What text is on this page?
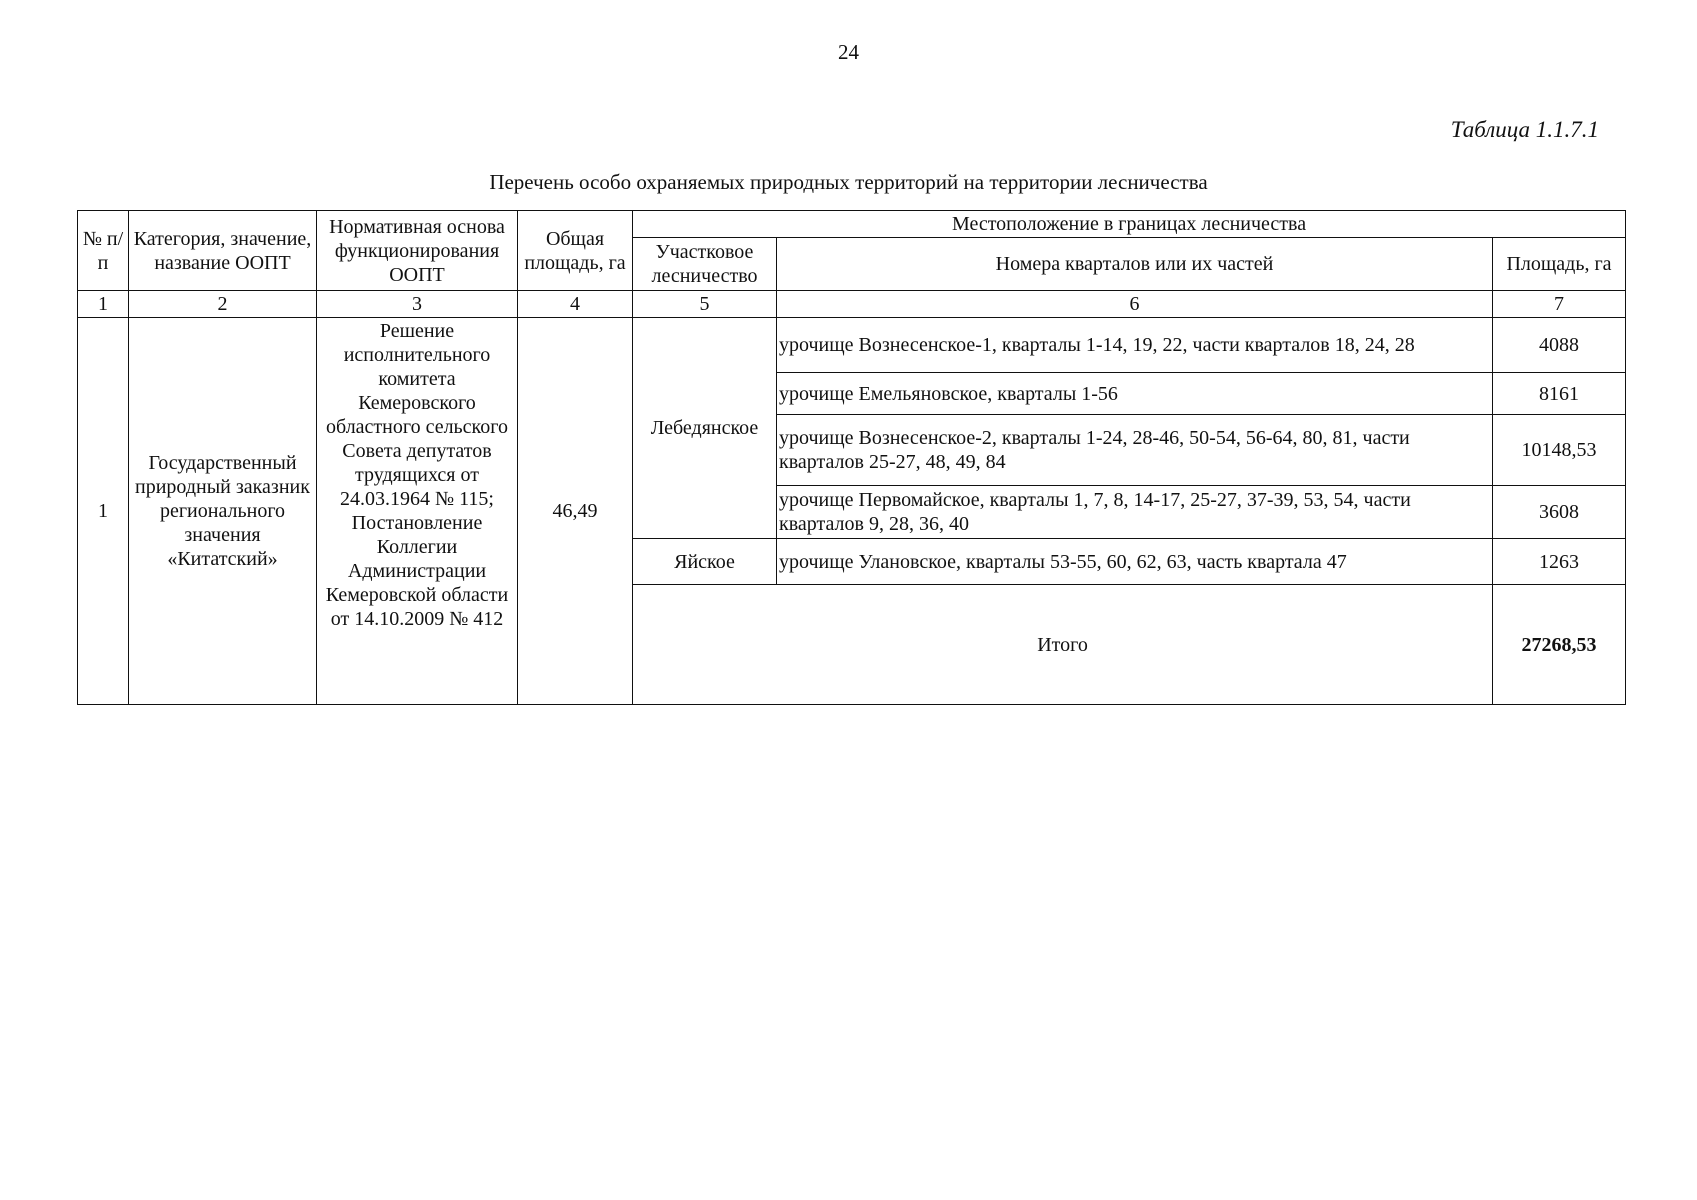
24
Таблица 1.1.7.1
Перечень особо охраняемых природных территорий на территории лесничества
№ п/п	Категория, значение, название ООПТ	Нормативная основа функционирования ООПТ	Общая площадь, га	Местоположение в границах лесничества		
				Участковое лесничество	Номера кварталов или их частей	Площадь, га
1	2	3	4	5	6	7
1	Государственный природный заказник регионального значения «Китатский»	Решение исполнительного комитета Кемеровского областного сельского Совета депутатов трудящихся от 24.03.1964 № 115; Постановление Коллегии Администрации Кемеровской области от 14.10.2009 № 412	46,49	Лебедянское	урочище Вознесенское-1, кварталы 1-14, 19, 22, части кварталов 18, 24, 28	4088
					урочище Емельяновское, кварталы 1-56	8161
					урочище Вознесенское-2, кварталы 1-24, 28-46, 50-54, 56-64, 80, 81, части кварталов 25-27, 48, 49, 84	10148,53
					урочище Первомайское, кварталы 1, 7, 8, 14-17, 25-27, 37-39, 53, 54, части кварталов 9, 28, 36, 40	3608
				Яйское	урочище Улановское, кварталы 53-55, 60, 62, 63, часть квартала 47	1263
				Итого		27268,53
